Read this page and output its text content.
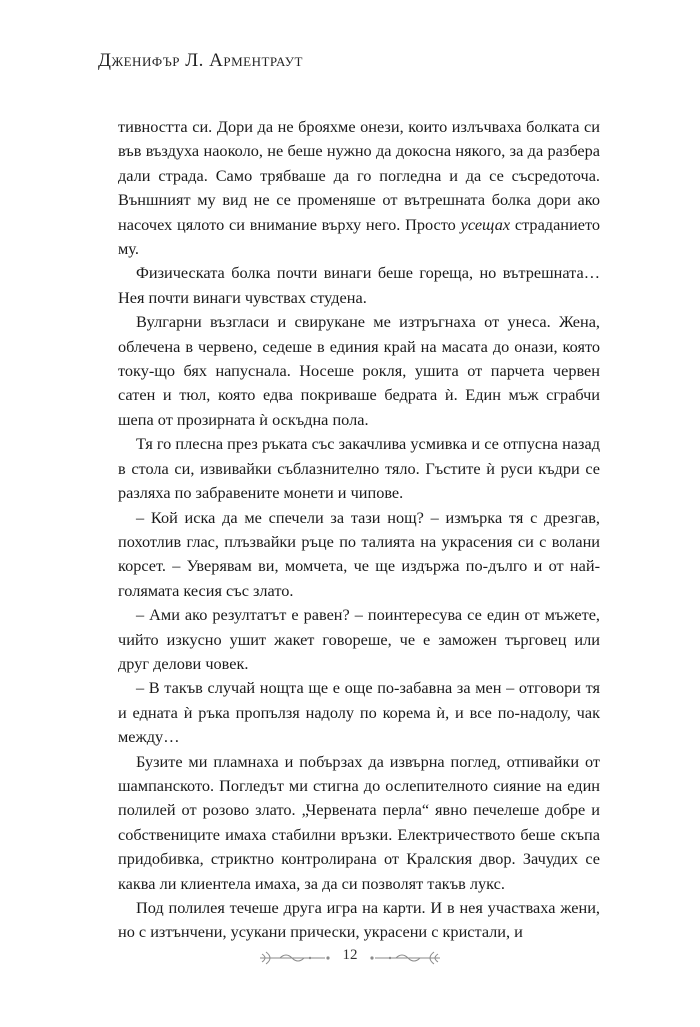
Дженифър Л. Арментраут

тивността си. Дори да не брояхме онези, които излъчваха болката си във въздуха наоколо, не беше нужно да докосна някого, за да разбера дали страда. Само трябваше да го погледна и да се съсредоточа. Външният му вид не се променяше от вътрешната болка дори ако насочех цялото си внимание върху него. Просто усещах страданието му.

Физическата болка почти винаги беше гореща, но вътрешната… Нея почти винаги чувствах студена.

Вулгарни възгласи и свирукане ме изтръгнаха от унеса. Жена, облечена в червено, седеше в единия край на масата до онази, която току-що бях напуснала. Носеше рокля, ушита от парчета червен сатен и тюл, която едва покриваше бедрата ѝ. Един мъж сграбчи шепа от прозирната ѝ оскъдна пола.

Тя го плесна през ръката със закачлива усмивка и се отпусна назад в стола си, извивайки съблазнително тяло. Гъстите ѝ руси къдри се разляха по забравените монети и чипове.

– Кой иска да ме спечели за тази нощ? – измърка тя с дрезгав, похотлив глас, плъзвайки ръце по талията на украсения си с волани корсет. – Уверявам ви, момчета, че ще издържа по-дълго и от най-голямата кесия със злато.

– Ами ако резултатът е равен? – поинтересува се един от мъжете, чийто изкусно ушит жакет говореше, че е заможен търговец или друг делови човек.

– В такъв случай нощта ще е още по-забавна за мен – отговори тя и едната ѝ ръка пропълзя надолу по корема ѝ, и все по-надолу, чак между…

Бузите ми пламнаха и побързах да извърна поглед, отпивайки от шампанското. Погледът ми стигна до ослепителното сияние на един полилей от розово злато. „Червената перла“ явно печелеше добре и собствениците имаха стабилни връзки. Електричеството беше скъпа придобивка, стриктно контролирана от Кралския двор. Зачудих се каква ли клиентела имаха, за да си позволят такъв лукс.

Под полилея течеше друга игра на карти. И в нея участваха жени, но с изтънчени, усукани прически, украсени с кристали, и

12
